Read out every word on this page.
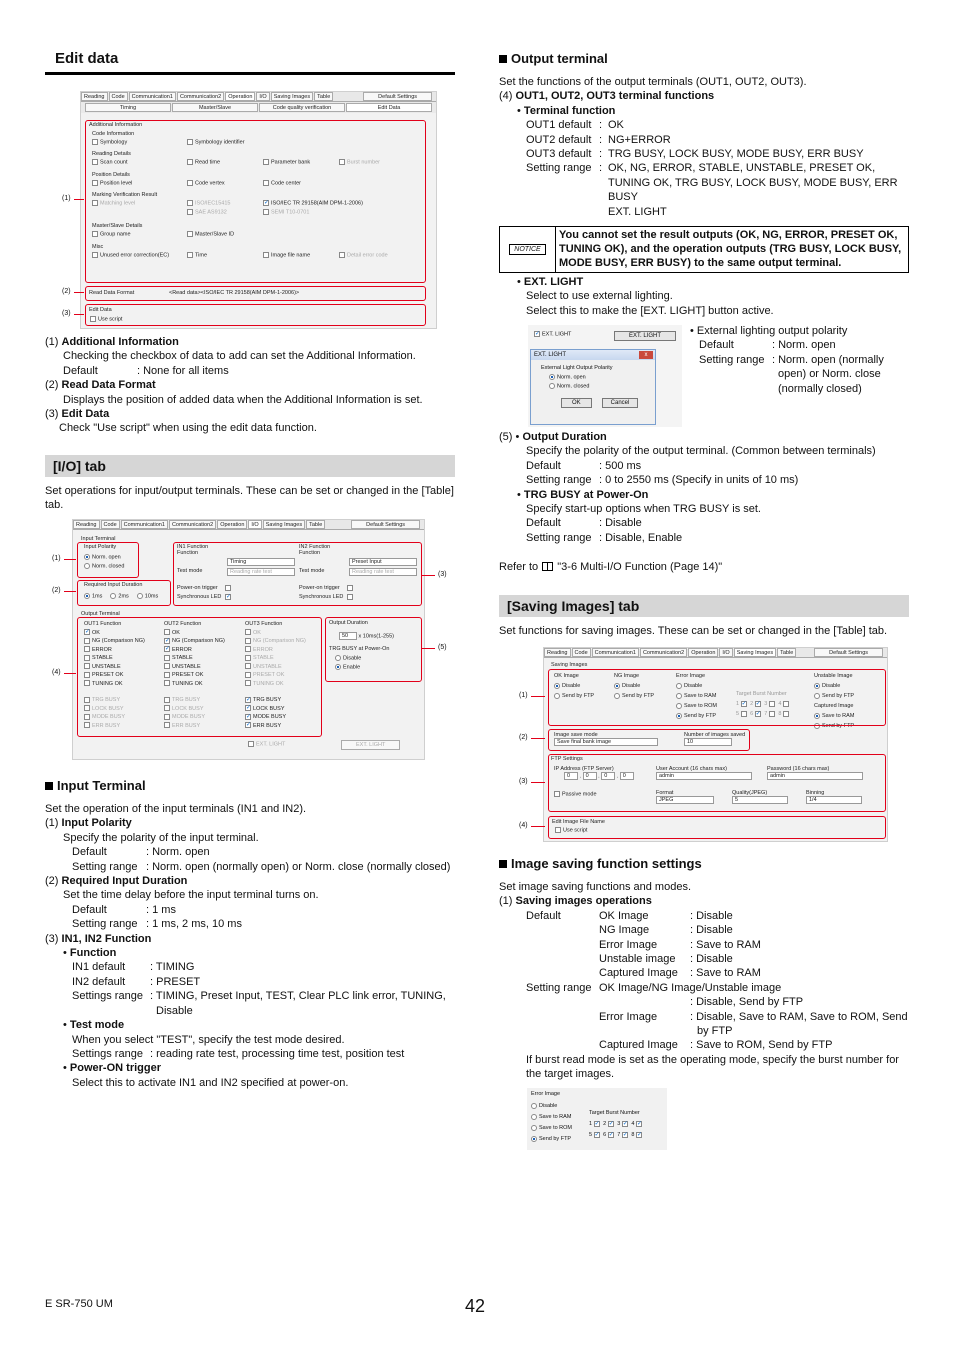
Edit data
Reading	Code	Communication1	Communication2	Operation	I/O	Saving Images	Table	Default Settings
Timing	Master/Slave	Code quality verification	Edit Data
Additional Information
Code Information
Symbology	Symbology identifier
Reading Details
Scan count	Read time	Parameter bank	Burst number
Position Details
Position level	Code vertex	Code center
Marking Verification Result
Matching level	ISO/IEC15415 ✓	ISO/IEC TR 29158(AIM DPM-1-2006)
SAE AS9132	SEMI T10-0701
Master/Slave Details
Group name	Master/Slave ID
Misc
Unused error correction(EC)	Time	Image file name	Detail error code
Read Data Format	<Read data><ISO/IEC TR 29158(AIM DPM-1-2006)>
Edit Data
Use script
(1)
(2)
(3)
(1) Additional Information
Checking the checkbox of data to add can set the Additional Information.
Default	: None for all items
(2) Read Data Format
Displays the position of added data when the Additional Information is set.
(3) Edit Data
Check "Use script" when using the edit data function.
[I/O] tab
Set operations for input/output terminals. These can be set or changed in the [Table] tab.
Reading	Code	Communication1	Communication2	Operation	I/O	Saving Images	Table	Default Settings
Input Terminal
Input Polarity
Norm. open
Norm. closed
Required Input Duration
1ms	2ms	10ms
IN1 Function
Function
Timing
Test mode	Reading rate test
Power-on trigger
Synchronous LED
✓
IN2 Function
Function
Preset Input
Test mode	Reading rate test
Power-on trigger
Synchronous LED
Output Terminal
OUT1 Function
✓OK
NG (Comparison NG)
ERROR
STABLE
UNSTABLE
PRESET OK
TUNING OK
TRG BUSY
LOCK BUSY
MODE BUSY
ERR BUSY
OUT2 Function
OK
✓NG (Comparison NG)
✓ERROR
STABLE
UNSTABLE
PRESET OK
TUNING OK
TRG BUSY
LOCK BUSY
MODE BUSY
ERR BUSY
OUT3 Function
OK
NG (Comparison NG)
ERROR
STABLE
UNSTABLE
PRESET OK
TUNING OK
✓TRG BUSY
✓LOCK BUSY
✓MODE BUSY
✓ERR BUSY
EXT. LIGHT	EXT. LIGHT
Output Duration
50 x 10ms(1-255)
TRG BUSY at Power-On
Disable
Enable
(1)
(2)
(3)
(4)
(5)
Input Terminal
Set the operation of the input terminals (IN1 and IN2).
(1) Input Polarity
Specify the polarity of the input terminal.
Default	: Norm. open
Setting range : Norm. open (normally open) or Norm. close (normally closed)
(2) Required Input Duration
Set the time delay before the input terminal turns on.
Default	: 1 ms
Setting range : 1 ms, 2 ms, 10 ms
(3) IN1, IN2 Function
• Function
IN1 default	: TIMING
IN2 default	: PRESET
Settings range : TIMING, Preset Input, TEST, Clear PLC link error, TUNING, Disable
• Test mode
When you select "TEST", specify the test mode desired.
Settings range : reading rate test, processing time test, position test
• Power-ON trigger
Select this to activate IN1 and IN2 specified at power-on.
E SR-750 UM
Output terminal
Set the functions of the output terminals (OUT1, OUT2, OUT3).
(4) OUT1, OUT2, OUT3 terminal functions
• Terminal function
OUT1 default : OK
OUT2 default : NG+ERROR
OUT3 default : TRG BUSY, LOCK BUSY, MODE BUSY, ERR BUSY
Setting range : OK, NG, ERROR, STABLE, UNSTABLE, PRESET OK, TUNING OK, TRG BUSY, LOCK BUSY, MODE BUSY, ERR BUSY
EXT. LIGHT
NOTICE
You cannot set the result outputs (OK, NG, ERROR, PRESET OK, TUNING OK), and the operation outputs (TRG BUSY, LOCK BUSY, MODE BUSY, ERR BUSY) to the same output terminal.
• EXT. LIGHT
Select to use external lighting.
Select this to make the [EXT. LIGHT] button active.
✓EXT. LIGHT	EXT. LIGHT
EXT. LIGHT	x
External Light Output Polarity
Norm. open
Norm. closed
OK	Cancel
• External lighting output polarity
Default	: Norm. open
Setting range : Norm. open (normally open) or Norm. close (normally closed)
(5) • Output Duration
Specify the polarity of the output terminal. (Common between terminals)
Default	: 500 ms
Setting range : 0 to 2550 ms (Specify in units of 10 ms)
• TRG BUSY at Power-On
Specify start-up options when TRG BUSY is set.
Default	: Disable
Setting range : Disable, Enable
Refer to "3-6 Multi-I/O Function (Page 14)"
[Saving Images] tab
Set functions for saving images. These can be set or changed in the [Table] tab.
Reading	Code	Communication1	Communication2	Operation	I/O	Saving Images	Table	Default Settings
Saving Images
OK Image
Disable
Send by FTP
NG Image
Disable
Send by FTP
Error Image
Disable
Save to RAM
Save to ROM
Send by FTP
Target Burst Number
1 ✓ 2 ✓ 3  4
5  6 ✓ 7  8
Unstable Image
Disable
Send by FTP
Captured Image
Save to RAM
Send by FTP
Image save mode
Save final bank image
Number of images saved
10
FTP Settings
IP Address (FTP Server)
0 . 0 . 0 . 0
User Account (16 chars max)
admin
Password (16 chars max)
admin
Passive mode	Format
JPEG
Quality(JPEG)
5
Binning
1/4
Edit Image File Name
Use script
(1)
(2)
(3)
(4)
Image saving function settings
Set image saving functions and modes.
(1) Saving images operations
Default	OK Image	: Disable
NG Image	: Disable
Error Image	: Save to RAM
Unstable image	: Disable
Captured Image	: Save to RAM
Setting range OK Image/NG Image/Unstable image
: Disable, Send by FTP
Error Image	: Disable, Save to RAM, Save to ROM, Send by FTP
Captured Image	: Save to ROM, Send by FTP
If burst read mode is set as the operating mode, specify the burst number for the target images.
Error Image
Disable
Save to RAM
Save to ROM
Send by FTP
Target Burst Number
1 ✓ 2 ✓ 3 ✓ 4 ✓
5 ✓ 6 ✓ 7 ✓ 8 ✓
42
